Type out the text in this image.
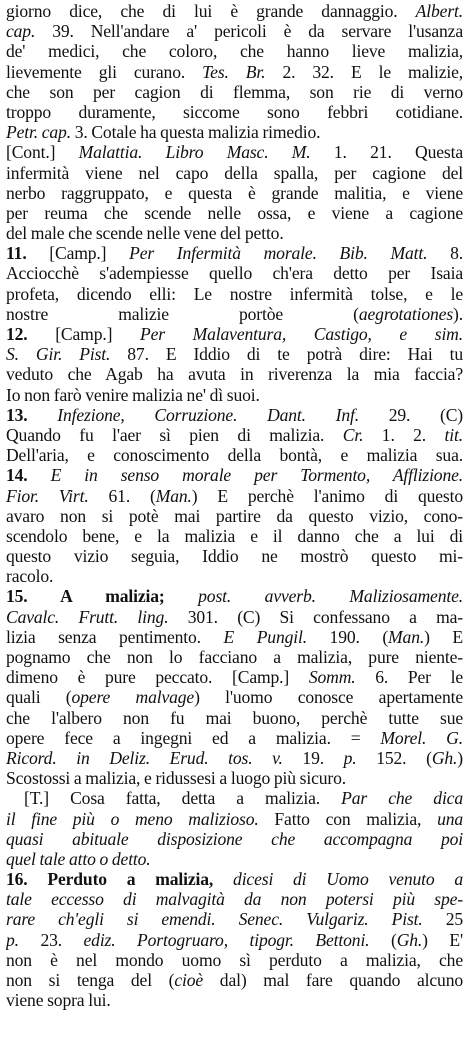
giorno dice, che di lui è grande dannaggio. Albert.
cap. 39. Nell'andare a' pericoli è da servare l'usanza
de' medici, che coloro, che hanno lieve malizia,
lievemente gli curano. Tes. Br. 2. 32. E le malizie,
che son per cagion di flemma, son rie di verno
troppo duramente, siccome sono febbri cotidiane.
Petr. cap. 3. Cotale ha questa malizia rimedio.
[Cont.] Malattia. Libro Masc. M. 1. 21. Questa
infermità viene nel capo della spalla, per cagione del
nerbo raggruppato, e questa è grande malitia, e viene
per reuma che scende nelle ossa, e viene a cagione
del male che scende nelle vene del petto.
11. [Camp.] Per Infermità morale. Bib. Matt. 8.
Acciocchè s'adempiesse quello ch'era detto per Isaia
profeta, dicendo elli: Le nostre infermità tolse, e le
nostre malizie portòe (aegrotationes).
12. [Camp.] Per Malaventura, Castigo, e sim.
S. Gir. Pist. 87. E Iddio di te potrà dire: Hai tu
veduto che Agab ha avuta in riverenza la mia faccia?
Io non farò venire malizia ne' dì suoi.
13. Infezione, Corruzione. Dant. Inf. 29. (C)
Quando fu l'aer sì pien di malizia. Cr. 1. 2. tit.
Dell'aria, e conoscimento della bontà, e malizia sua.
14. E in senso morale per Tormento, Afflizione.
Fior. Virt. 61. (Man.) E perchè l'animo di questo
avaro non si potè mai partire da questo vizio, cono-
scendolo bene, e la malizia e il danno che a lui di
questo vizio seguia, Iddio ne mostrò questo mi-
racolo.
15. A malizia; post. avverb. Maliziosamente.
Cavalc. Frutt. ling. 301. (C) Si confessano a ma-
lizia senza pentimento. E Pungil. 190. (Man.) E
pognamo che non lo facciano a malizia, pure niente-
dimeno è pure peccato. [Camp.] Somm. 6. Per le
quali (opere malvage) l'uomo conosce apertamente
che l'albero non fu mai buono, perchè tutte sue
opere fece a ingegni ed a malizia. = Morel. G.
Ricord. in Deliz. Erud. tos. v. 19. p. 152. (Gh.)
Scostossi a malizia, e ridussesi a luogo più sicuro.
[T.] Cosa fatta, detta a malizia. Par che dica
il fine più o meno malizioso. Fatto con malizia, una
quasi abituale disposizione che accompagna poi
quel tale atto o detto.
16. Perduto a malizia, dicesi di Uomo venuto a
tale eccesso di malvagità da non potersi più spe-
rare ch'egli si emendi. Senec. Vulgariz. Pist. 25
p. 23. ediz. Portogruaro, tipogr. Bettoni. (Gh.) E'
non è nel mondo uomo sì perduto a malizia, che
non si tenga del (cioè dal) mal fare quando alcuno
viene sopra lui.
